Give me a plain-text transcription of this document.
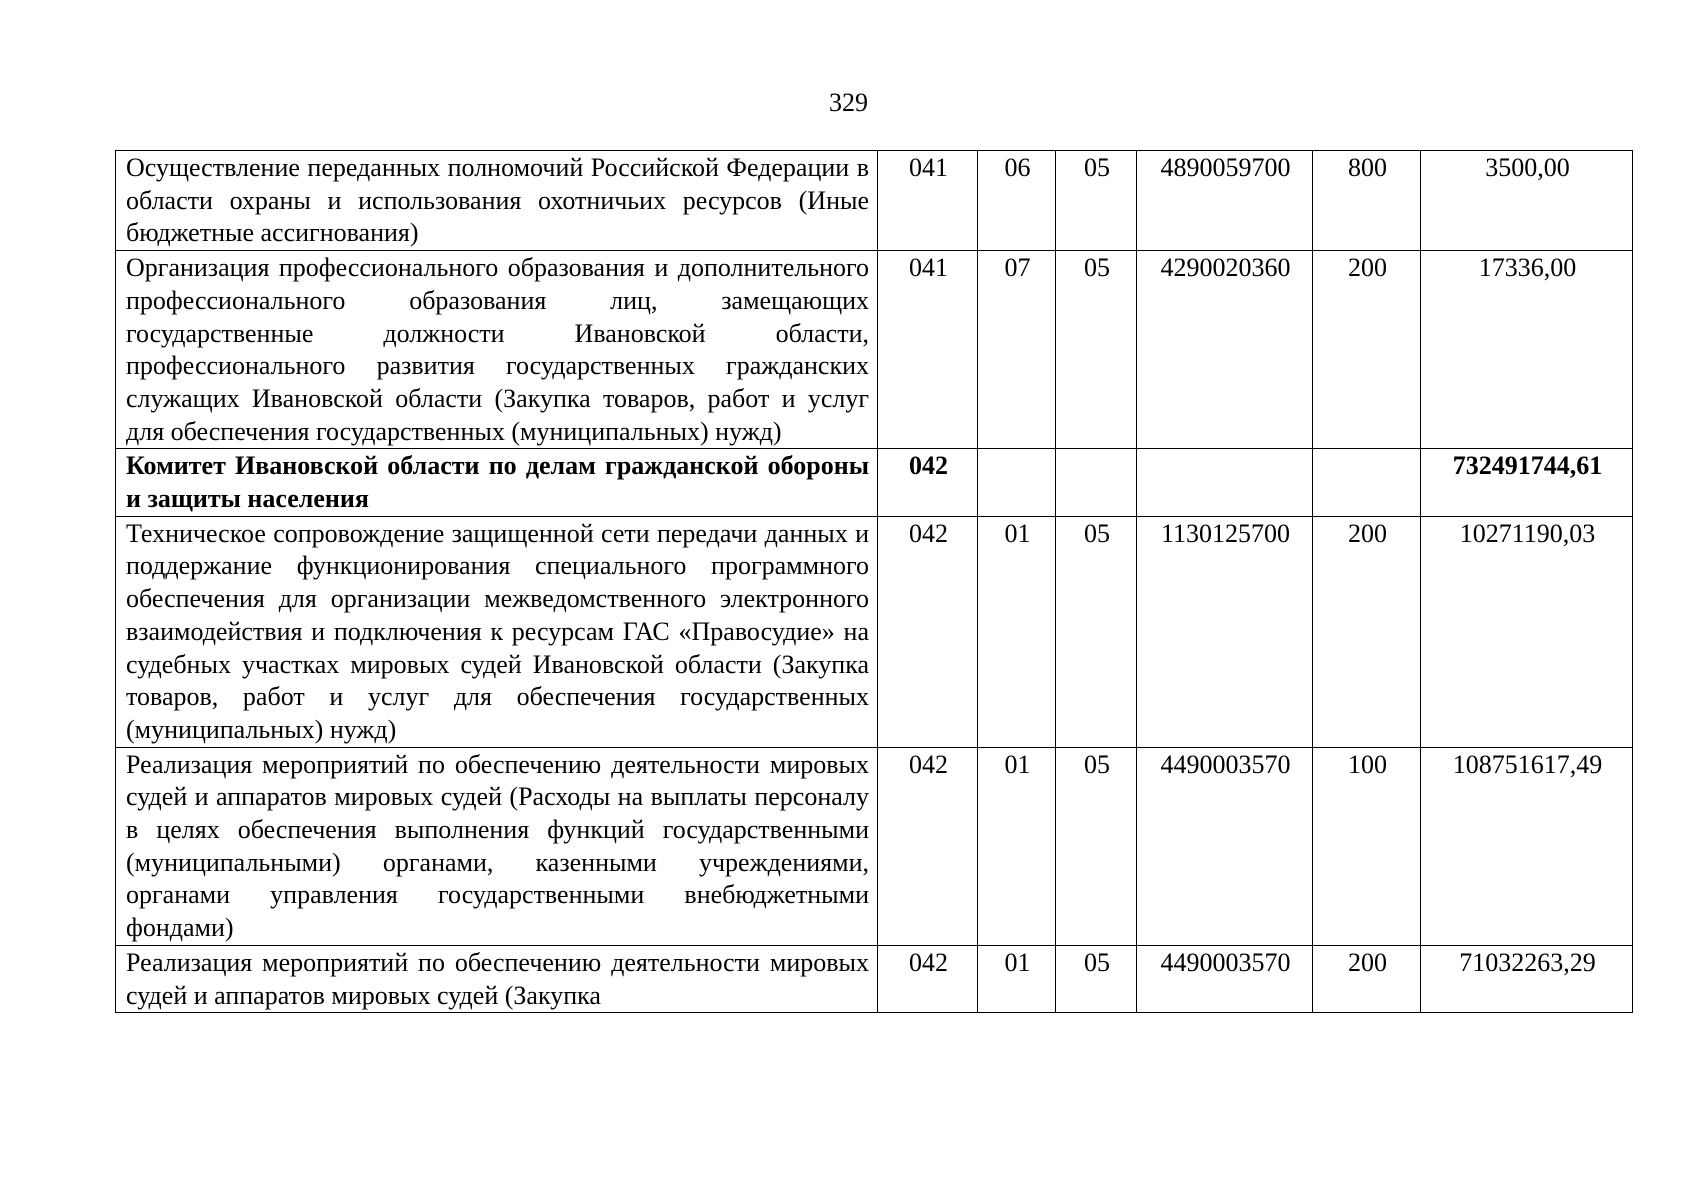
329
Осуществление переданных полномочий Российской Федерации в области охраны и использования охотничьих ресурсов (Иные бюджетные ассигнования)	041	06	05	4890059700	800	3500,00
Организация профессионального образования и дополнительного профессионального образования лиц, замещающих государственные должности Ивановской области, профессионального развития государственных гражданских служащих Ивановской области (Закупка товаров, работ и услуг для обеспечения государственных (муниципальных) нужд)	041	07	05	4290020360	200	17336,00
Комитет Ивановской области по делам гражданской обороны и защиты населения	042					732491744,61
Техническое сопровождение защищенной сети передачи данных и поддержание функционирования специального программного обеспечения для организации межведомственного электронного взаимодействия и подключения к ресурсам ГАС «Правосудие» на судебных участках мировых судей Ивановской области (Закупка товаров, работ и услуг для обеспечения государственных (муниципальных) нужд)	042	01	05	1130125700	200	10271190,03
Реализация мероприятий по обеспечению деятельности мировых судей и аппаратов мировых судей (Расходы на выплаты персоналу в целях обеспечения выполнения функций государственными (муниципальными) органами, казенными учреждениями, органами управления государственными внебюджетными фондами)	042	01	05	4490003570	100	108751617,49
Реализация мероприятий по обеспечению деятельности мировых судей и аппаратов мировых судей (Закупка	042	01	05	4490003570	200	71032263,29
